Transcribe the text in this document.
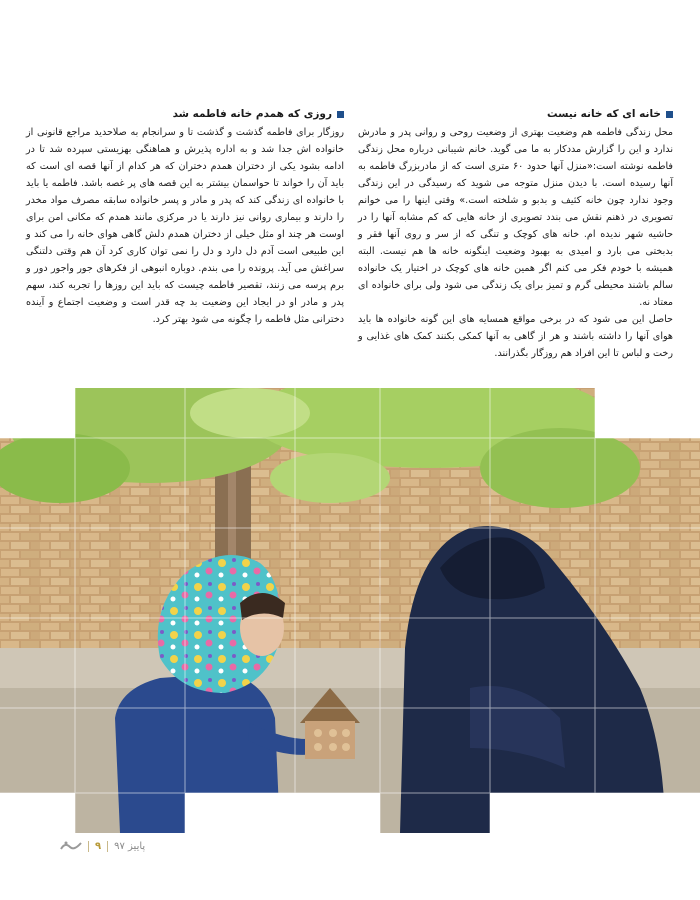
خانه ای که خانه نیست

محل زندگی فاطمه هم وضعیت بهتری از وضعیت روحی و روانی پدر و مادرش ندارد و این را گزارش مددکار به ما می گوید. خانم شیبانی درباره محل زندگی فاطمه نوشته است:«منزل آنها حدود ۶۰ متری است که از مادربزرگ فاطمه به آنها رسیده است. با دیدن منزل متوجه می شوید که رسیدگی در این زندگی وجود ندارد چون خانه کثیف و بدبو و شلخته است.» وقتی اینها را می خوانم تصویری در ذهنم نقش می بندد تصویری از خانه هایی که کم مشابه آنها را در حاشیه شهر ندیده ام. خانه های کوچک و تنگی که از سر و روی آنها فقر و بدبختی می بارد و امیدی به بهبود وضعیت اینگونه خانه ها هم نیست. البته همیشه با خودم فکر می کنم اگر همین خانه های کوچک در اختیار یک خانواده سالم باشند محیطی گرم و تمیز برای یک زندگی می شود ولی برای خانواده ای معتاد نه.

حاصل این می شود که در برخی مواقع همسایه های این گونه خانواده ها باید هوای آنها را داشته باشند و هر از گاهی به آنها کمکی بکنند کمک های غذایی و رخت و لباس تا این افراد هم روزگار بگذرانند.

روزی که همدم خانه فاطمه شد

روزگار برای فاطمه گذشت و گذشت تا و سرانجام به صلاحدید مراجع قانونی از خانواده اش جدا شد و به اداره پذیرش و هماهنگی بهزیستی سپرده شد تا در ادامه بشود یکی از دختران همدم دختران که هر کدام از آنها قصه ای است که باید آن را خواند تا حواسمان بیشتر به این قصه های پر غصه باشد. فاطمه یا باید با خانواده ای زندگی کند که پدر و مادر و پسر خانواده سابقه مصرف مواد مخدر را دارند و بیماری روانی نیز دارند یا در مرکزی مانند همدم که مکانی امن برای اوست هر چند او مثل خیلی از دختران همدم دلش گاهی هوای خانه را می کند و این طبیعی است آدم دل دارد و دل را نمی توان کاری کرد آن هم وقتی دلتنگی سراغش می آید. پرونده را می بندم. دوباره انبوهی از فکرهای جور واجور دور و برم پرسه می زنند، تقصیر فاطمه چیست که باید این روزها را تجربه کند، سهم پدر و مادر او در ایجاد این وضعیت بد چه قدر است و وضعیت اجتماع و آینده دخترانی مثل فاطمه را چگونه می شود بهتر کرد.

پاییز ۹۷
۹
